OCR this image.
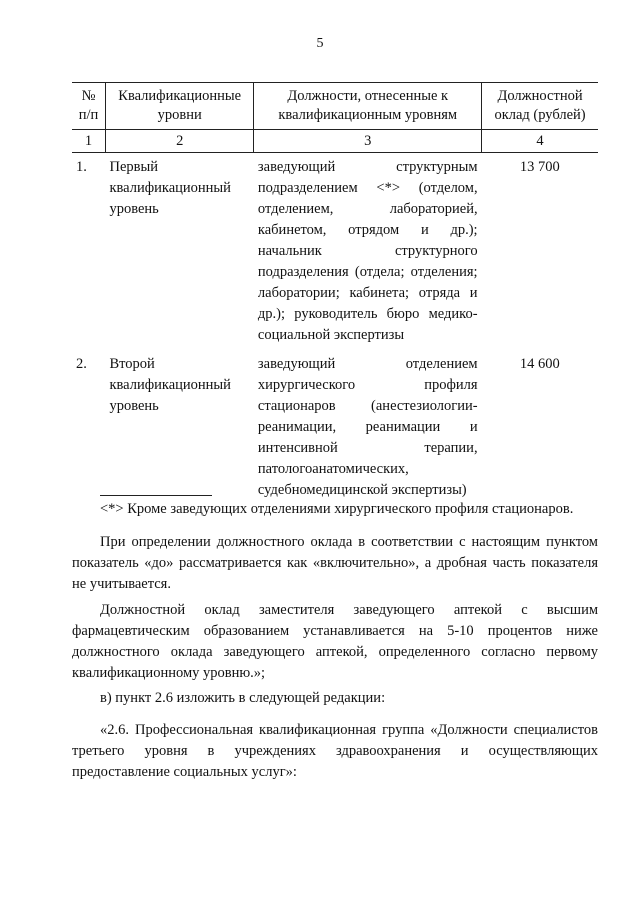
5
№ п/п	Квалификационные уровни	Должности, отнесенные к квалификационным уровням	Должностной оклад (рублей)
1	2	3	4
1.	Первый квалификационный уровень	заведующий структурным подразделением <*> (отделом, отделением, лабораторией, кабинетом, отрядом и др.); начальник структурного подразделения (отдела; отделения; лаборатории; кабинета; отряда и др.); руководитель бюро медико-социальной экспертизы	13 700
2.	Второй квалификационный уровень	заведующий отделением хирургического профиля стационаров (анестезиологии-реанимации, реанимации и интенсивной терапии, патологоанатомических, судебномедицинской экспертизы)	14 600

<*> Кроме заведующих отделениями хирургического профиля стационаров.

При определении должностного оклада в соответствии с настоящим пунктом показатель «до» рассматривается как «включительно», а дробная часть показателя не учитывается.

Должностной оклад заместителя заведующего аптекой с высшим фармацевтическим образованием устанавливается на 5-10 процентов ниже должностного оклада заведующего аптекой, определенного согласно первому квалификационному уровню.»;

в) пункт 2.6 изложить в следующей редакции:

«2.6. Профессиональная квалификационная группа «Должности специалистов третьего уровня в учреждениях здравоохранения и осуществляющих предоставление социальных услуг»:
